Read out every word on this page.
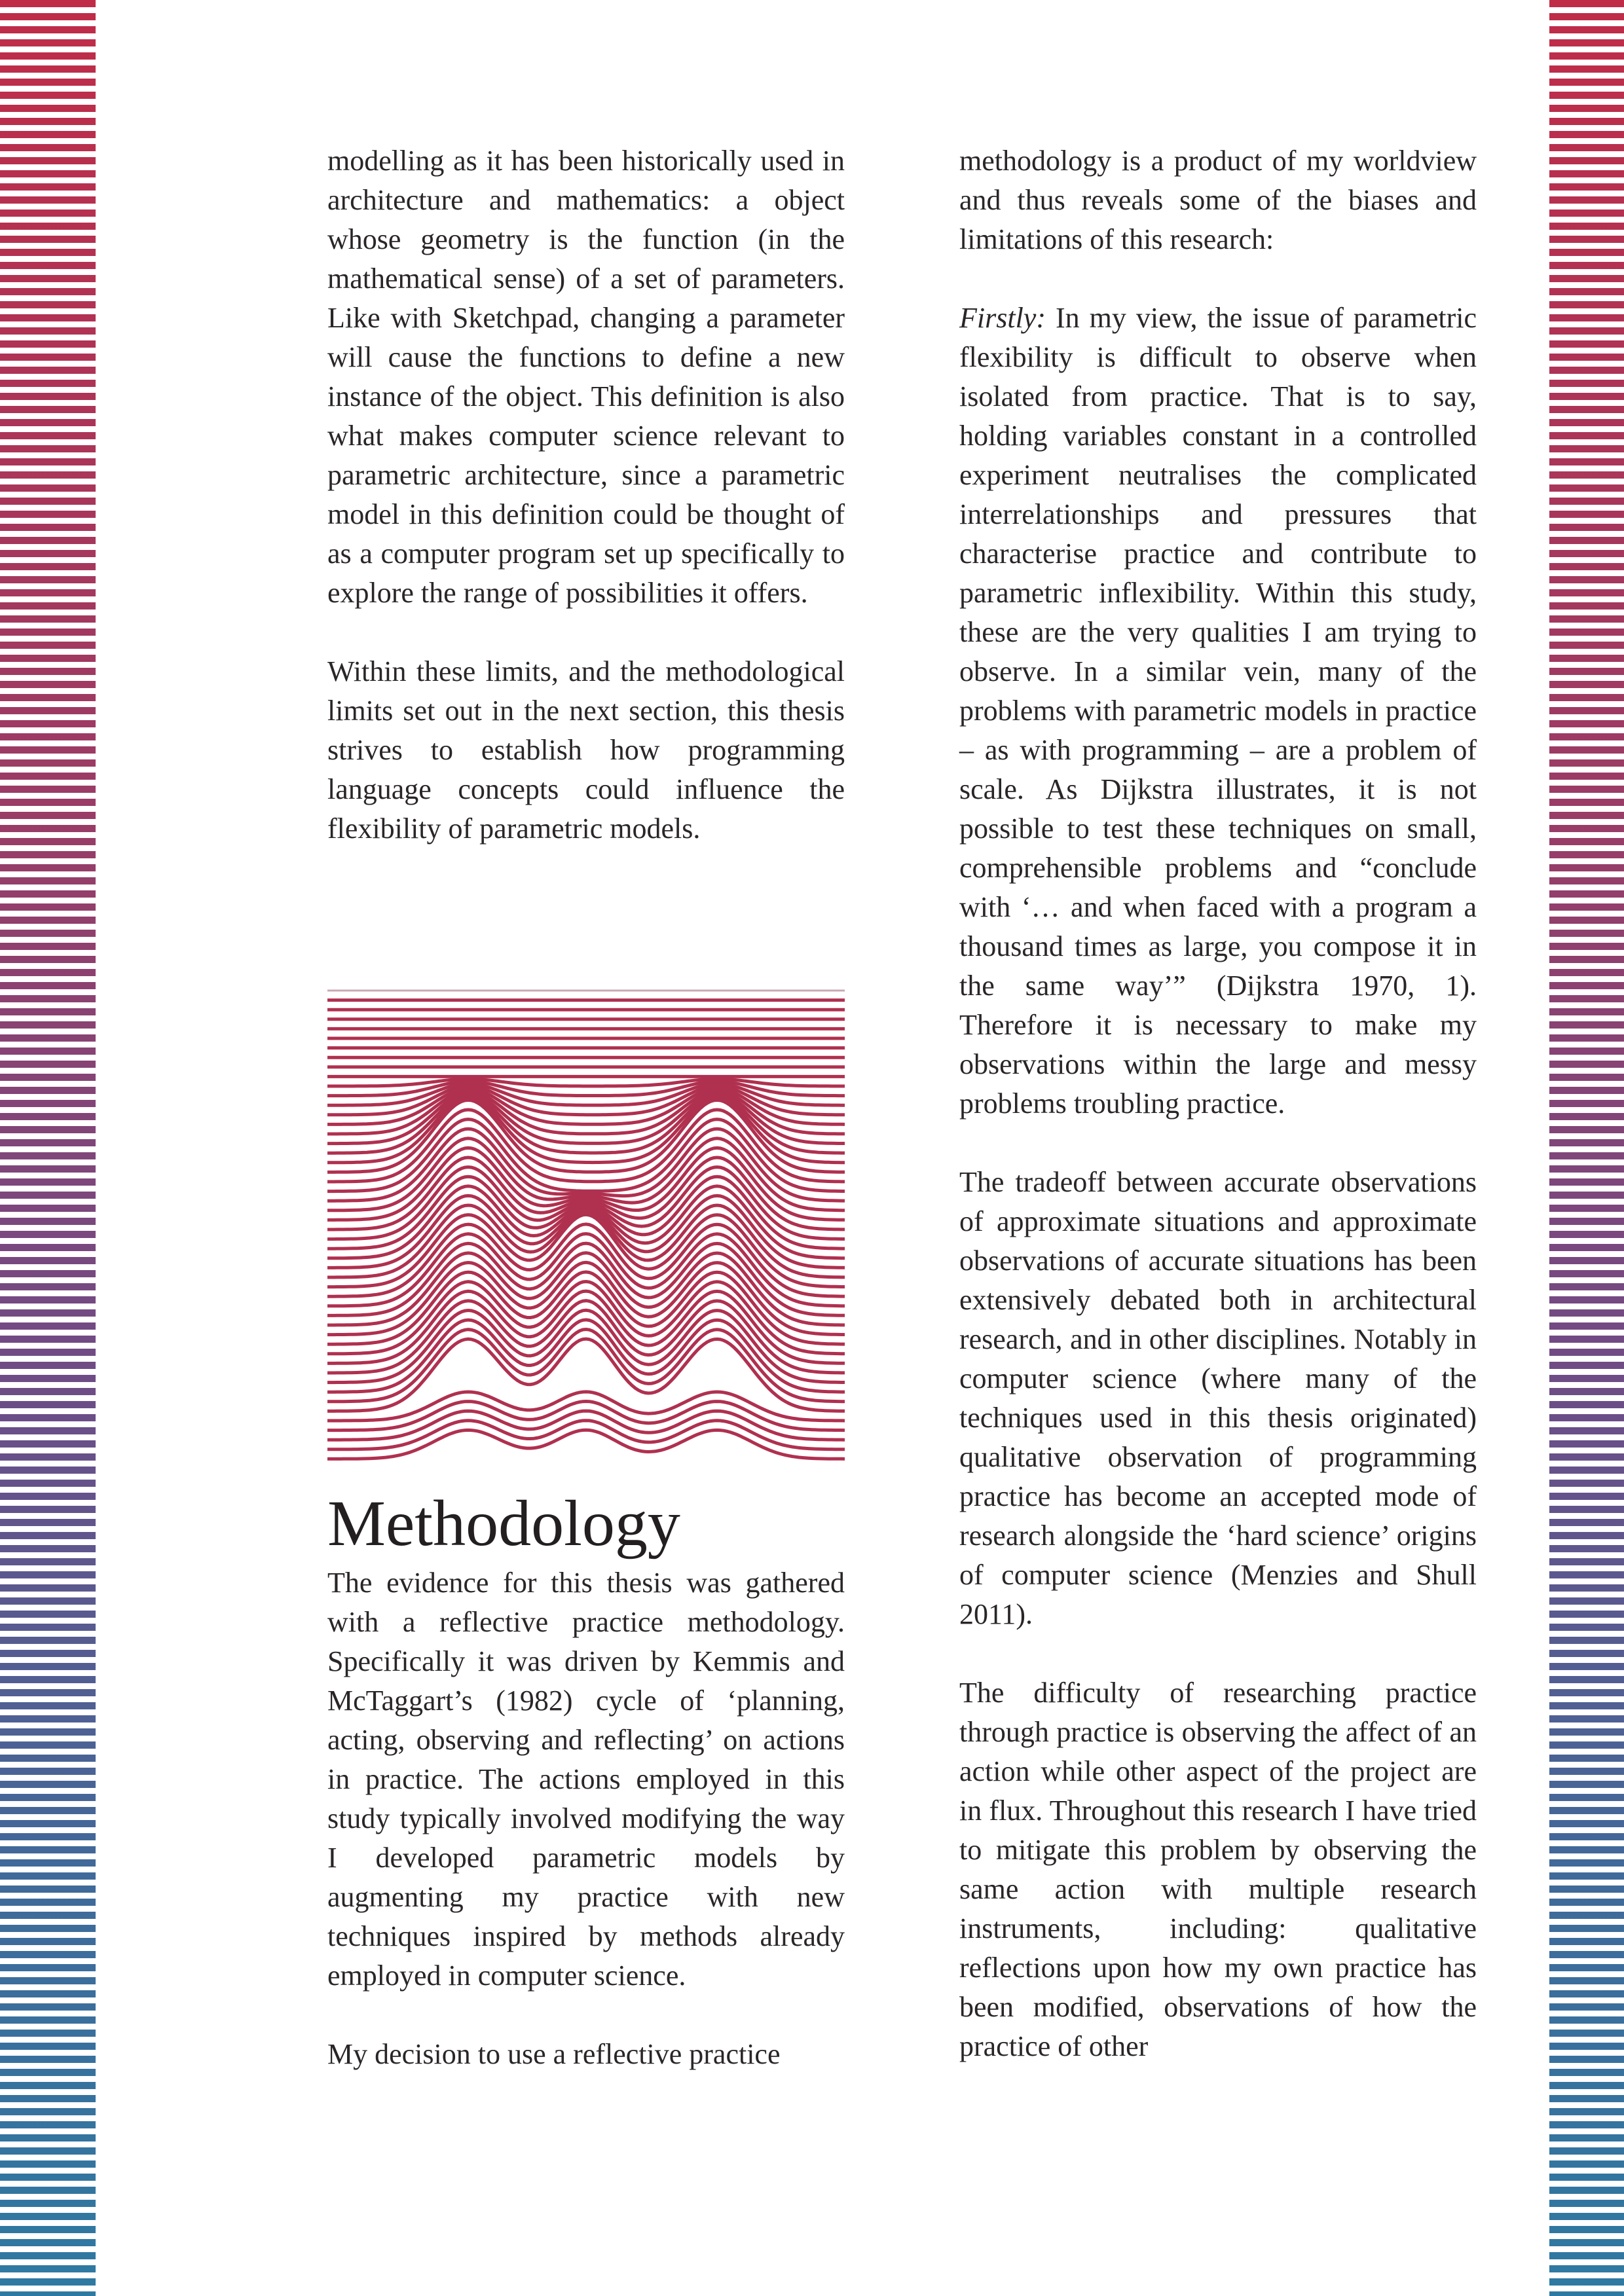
modelling as it has been historically used in architecture and mathematics: a object whose geometry is the function (in the mathematical sense) of a set of parameters. Like with Sketchpad, changing a parameter will cause the functions to define a new instance of the object. This definition is also what makes computer science relevant to parametric architecture, since a parametric model in this definition could be thought of as a computer program set up specifically to explore the range of possibilities it offers.

Within these limits, and the methodological limits set out in the next section, this thesis strives to establish how programming language concepts could influence the flexibility of parametric models.

Methodology

The evidence for this thesis was gathered with a reflective practice methodology. Specifically it was driven by Kemmis and McTaggart’s (1982) cycle of ‘planning, acting, observing and reflecting’ on actions in practice. The actions employed in this study typically involved modifying the way I developed parametric models by augmenting my practice with new techniques inspired by methods already employed in computer science.

My decision to use a reflective practice

methodology is a product of my worldview and thus reveals some of the biases and limitations of this research:

Firstly: In my view, the issue of parametric flexibility is difficult to observe when isolated from practice. That is to say, holding variables constant in a controlled experiment neutralises the complicated interrelationships and pressures that characterise practice and contribute to parametric inflexibility. Within this study, these are the very qualities I am trying to observe. In a similar vein, many of the problems with parametric models in practice – as with programming – are a problem of scale. As Dijkstra illustrates, it is not possible to test these techniques on small, comprehensible problems and “conclude with ‘… and when faced with a program a thousand times as large, you compose it in the same way’” (Dijkstra 1970, 1). Therefore it is necessary to make my observations within the large and messy problems troubling practice.

The tradeoff between accurate observations of approximate situations and approximate observations of accurate situations has been extensively debated both in architectural research, and in other disciplines. Notably in computer science (where many of the techniques used in this thesis originated) qualitative observation of programming practice has become an accepted mode of research alongside the ‘hard science’ origins of computer science (Menzies and Shull 2011).

The difficulty of researching practice through practice is observing the affect of an action while other aspect of the project are in flux. Throughout this research I have tried to mitigate this problem by observing the same action with multiple research instruments, including: qualitative reflections upon how my own practice has been modified, observations of how the practice of other
